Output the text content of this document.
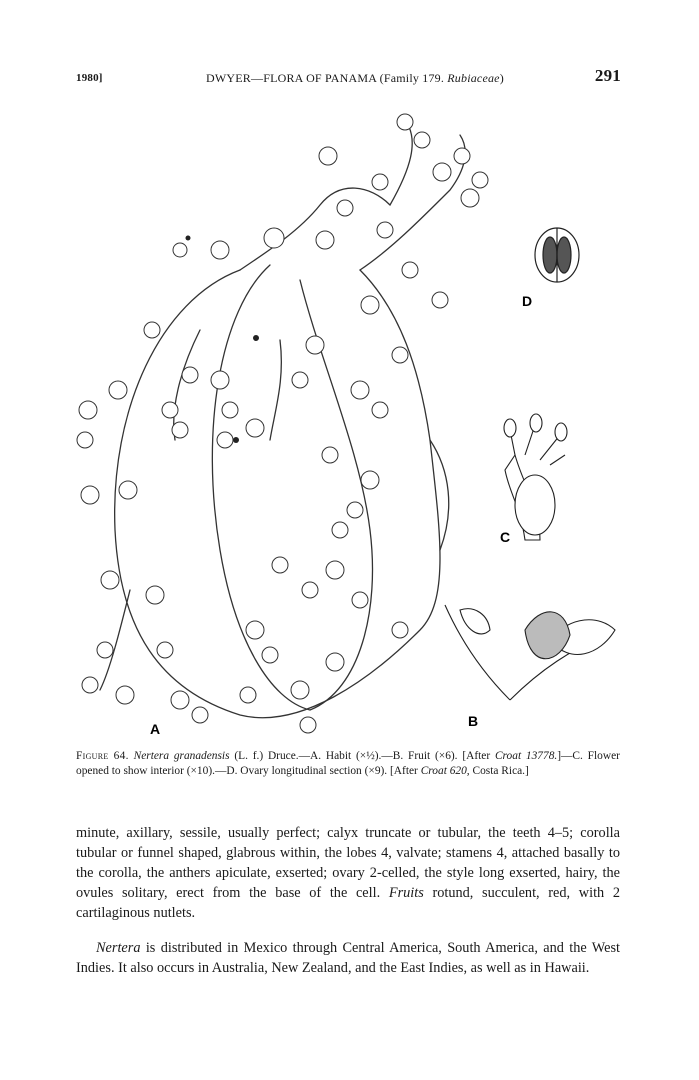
1980]	DWYER—FLORA OF PANAMA (Family 179. Rubiaceae)	291
A	B
C
D
Figure 64. Nertera granadensis (L. f.) Druce.—A. Habit (×½).—B. Fruit (×6). [After Croat 13778.]—C. Flower opened to show interior (×10).—D. Ovary longitudinal section (×9). [After Croat 620, Costa Rica.]

minute, axillary, sessile, usually perfect; calyx truncate or tubular, the teeth 4–5; corolla tubular or funnel shaped, glabrous within, the lobes 4, valvate; stamens 4, attached basally to the corolla, the anthers apiculate, exserted; ovary 2-celled, the style long exserted, hairy, the ovules solitary, erect from the base of the cell. Fruits rotund, succulent, red, with 2 cartilaginous nutlets.

Nertera is distributed in Mexico through Central America, South America, and the West Indies. It also occurs in Australia, New Zealand, and the East Indies, as well as in Hawaii.
